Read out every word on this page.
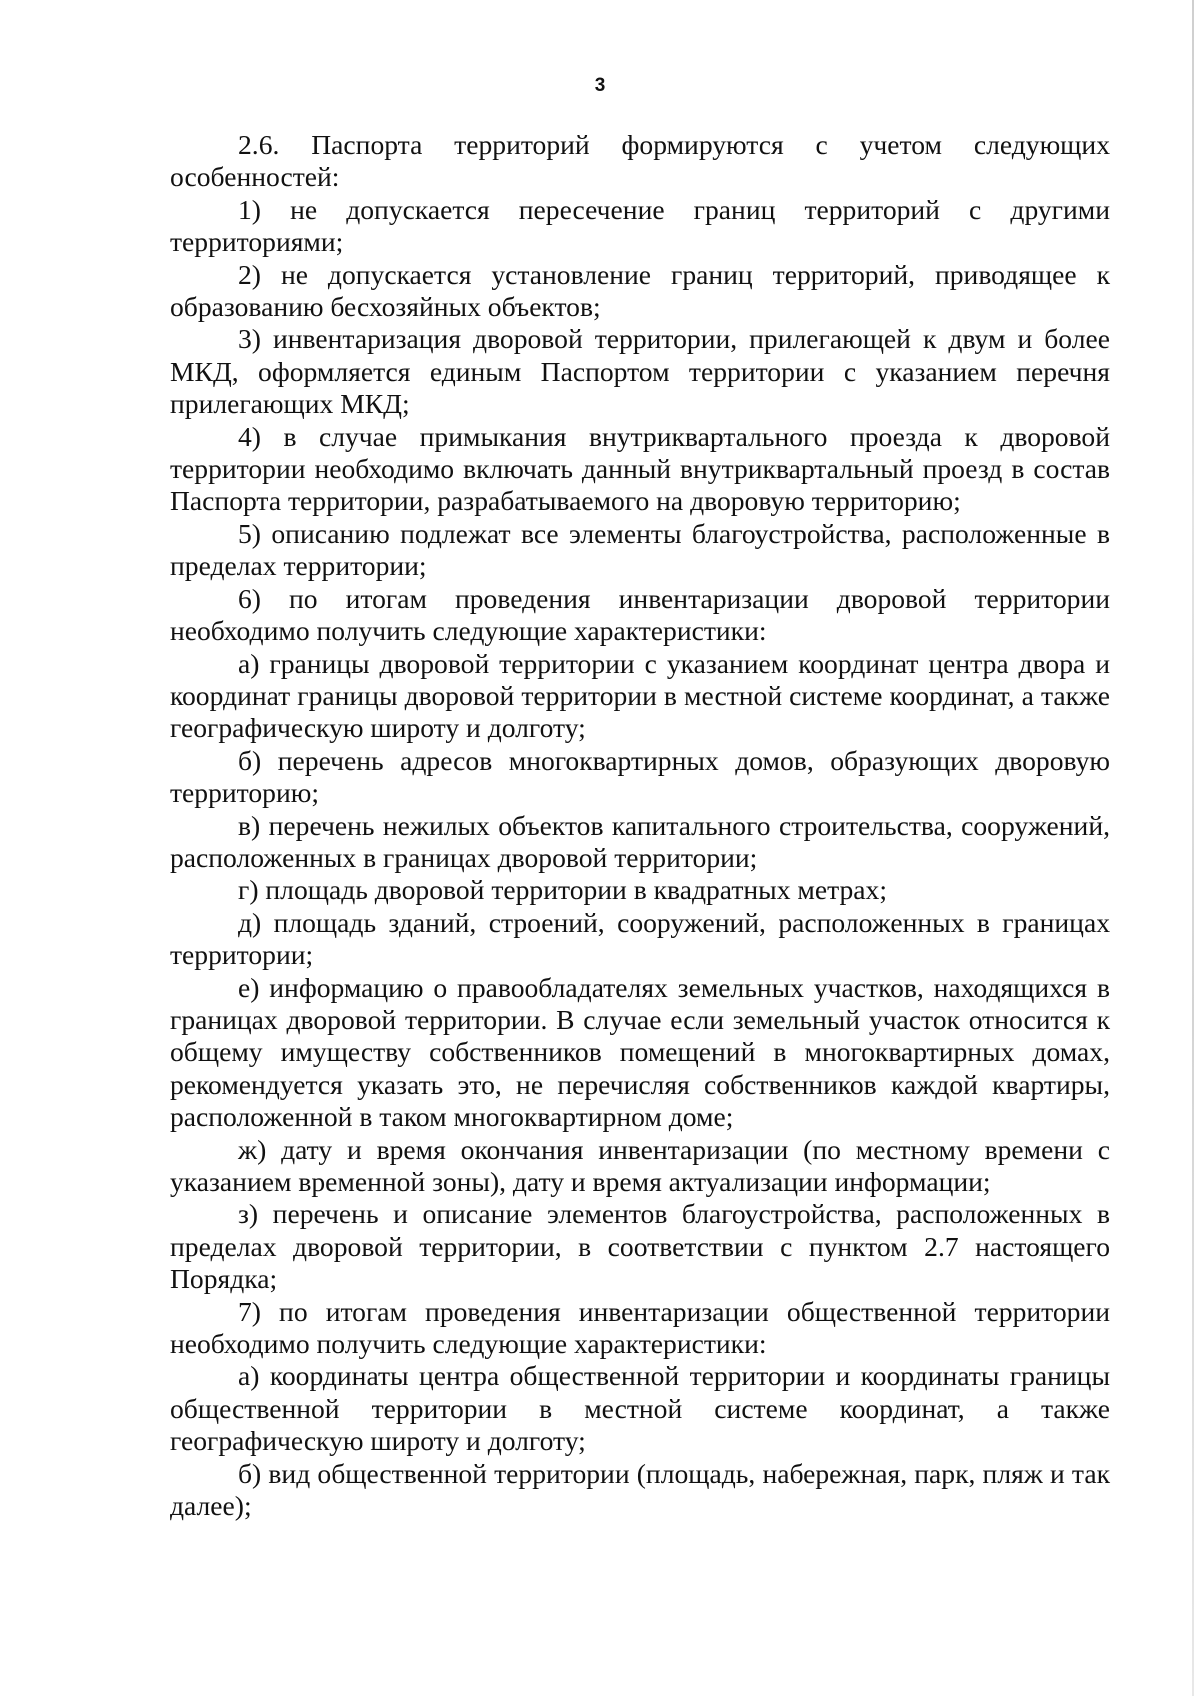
3

2.6. Паспорта территорий формируются с учетом следующих особенностей:

1) не допускается пересечение границ территорий с другими территориями;

2) не допускается установление границ территорий, приводящее к образованию бесхозяйных объектов;

3) инвентаризация дворовой территории, прилегающей к двум и более МКД, оформляется единым Паспортом территории с указанием перечня прилегающих МКД;

4) в случае примыкания внутриквартального проезда к дворовой территории необходимо включать данный внутриквартальный проезд в состав Паспорта территории, разрабатываемого на дворовую территорию;

5) описанию подлежат все элементы благоустройства, расположенные в пределах территории;

6) по итогам проведения инвентаризации дворовой территории необходимо получить следующие характеристики:

а) границы дворовой территории с указанием координат центра двора и координат границы дворовой территории в местной системе координат, а также географическую широту и долготу;

б) перечень адресов многоквартирных домов, образующих дворовую территорию;

в) перечень нежилых объектов капитального строительства, сооружений, расположенных в границах дворовой территории;

г) площадь дворовой территории в квадратных метрах;

д) площадь зданий, строений, сооружений, расположенных в границах территории;

е) информацию о правообладателях земельных участков, находящихся в границах дворовой территории. В случае если земельный участок относится к общему имуществу собственников помещений в многоквартирных домах, рекомендуется указать это, не перечисляя собственников каждой квартиры, расположенной в таком многоквартирном доме;

ж) дату и время окончания инвентаризации (по местному времени с указанием временной зоны), дату и время актуализации информации;

з) перечень и описание элементов благоустройства, расположенных в пределах дворовой территории, в соответствии с пунктом 2.7 настоящего Порядка;

7) по итогам проведения инвентаризации общественной территории необходимо получить следующие характеристики:

а) координаты центра общественной территории и координаты границы общественной территории в местной системе координат, а также географическую широту и долготу;

б) вид общественной территории (площадь, набережная, парк, пляж и так далее);
